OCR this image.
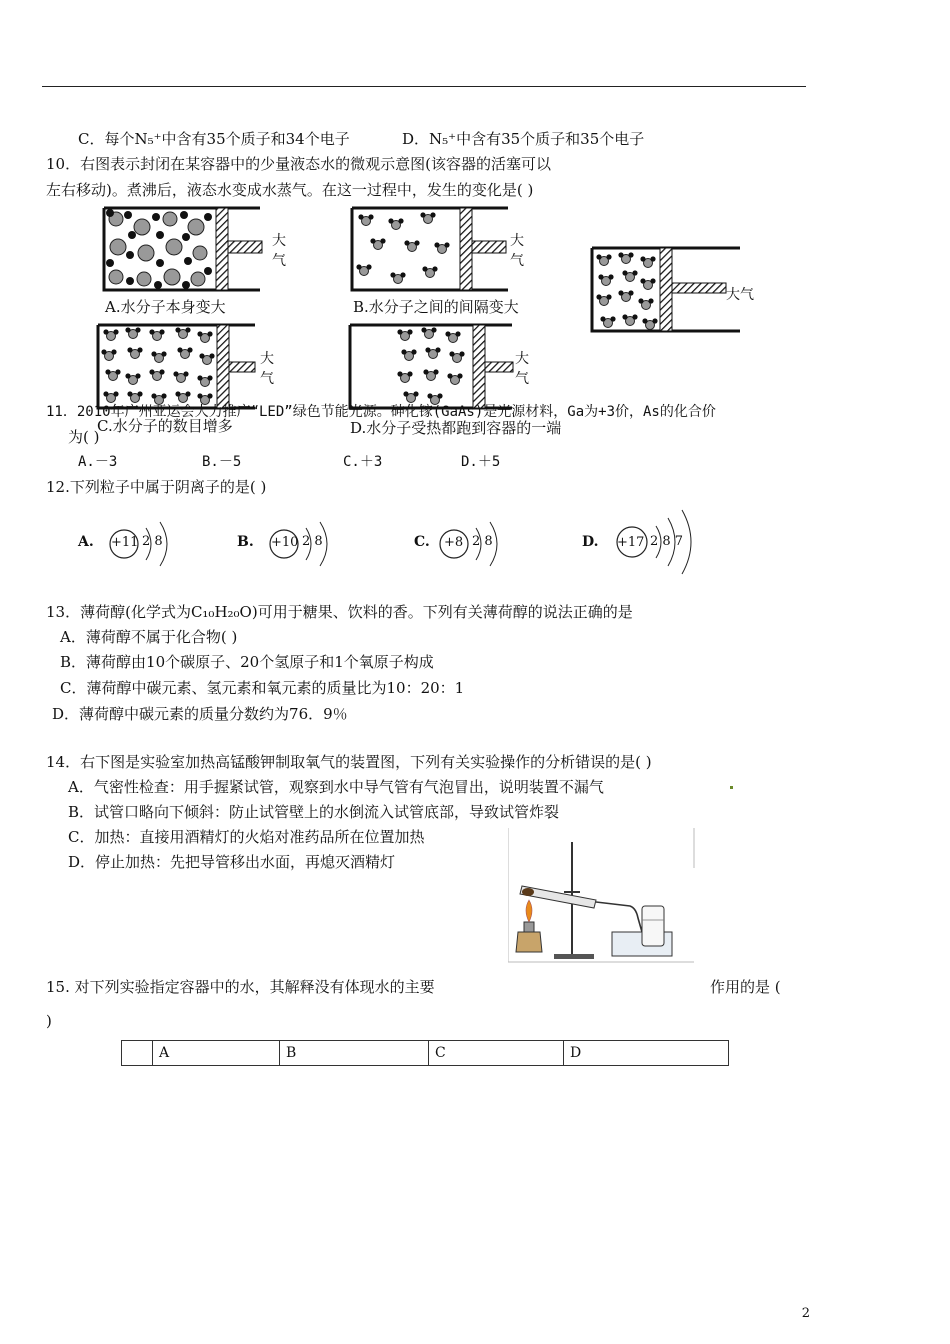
C．每个N₅⁺中含有35个质子和34个电子	D．N₅⁺中含有35个质子和35个电子
10．右图表示封闭在某容器中的少量液态水的微观示意图(该容器的活塞可以
左右移动)。煮沸后，液态水变成水蒸气。在这一过程中，发生的变化是( )
大
气
A.水分子本身变大
大
气
B.水分子之间的间隔变大
大气
大
气
大
气
11．2010年广州亚运会大力推广“LED”绿色节能光源。砷化镓(GaAs)是光源材料，Ga为+3价，As的化合价
C.水分子的数目增多	D.水分子受热都跑到容器的一端
为( )
A.－3	B.－5	C.＋3	D.＋5
12.下列粒子中属于阴离子的是( )
A. +11 2 8	B. +10 2 8	C. +8 2 8	D. +17 2 8 7
13．薄荷醇(化学式为C₁₀H₂₀O)可用于糖果、饮料的香。下列有关薄荷醇的说法正确的是
A．薄荷醇不属于化合物( )
B．薄荷醇由10个碳原子、20个氢原子和1个氧原子构成
C．薄荷醇中碳元素、氢元素和氧元素的质量比为10：20：1
D．薄荷醇中碳元素的质量分数约为76．9％
14．右下图是实验室加热高锰酸钾制取氧气的装置图，下列有关实验操作的分析错误的是( )
A．气密性检查：用手握紧试管，观察到水中导气管有气泡冒出，说明装置不漏气
B．试管口略向下倾斜：防止试管壁上的水倒流入试管底部，导致试管炸裂
C．加热：直接用酒精灯的火焰对准药品所在位置加热
D．停止加热：先把导管移出水面，再熄灭酒精灯
15. 对下列实验指定容器中的水，其解释没有体现水的主要	作用的是 (
)
	A	B	C	D
2
